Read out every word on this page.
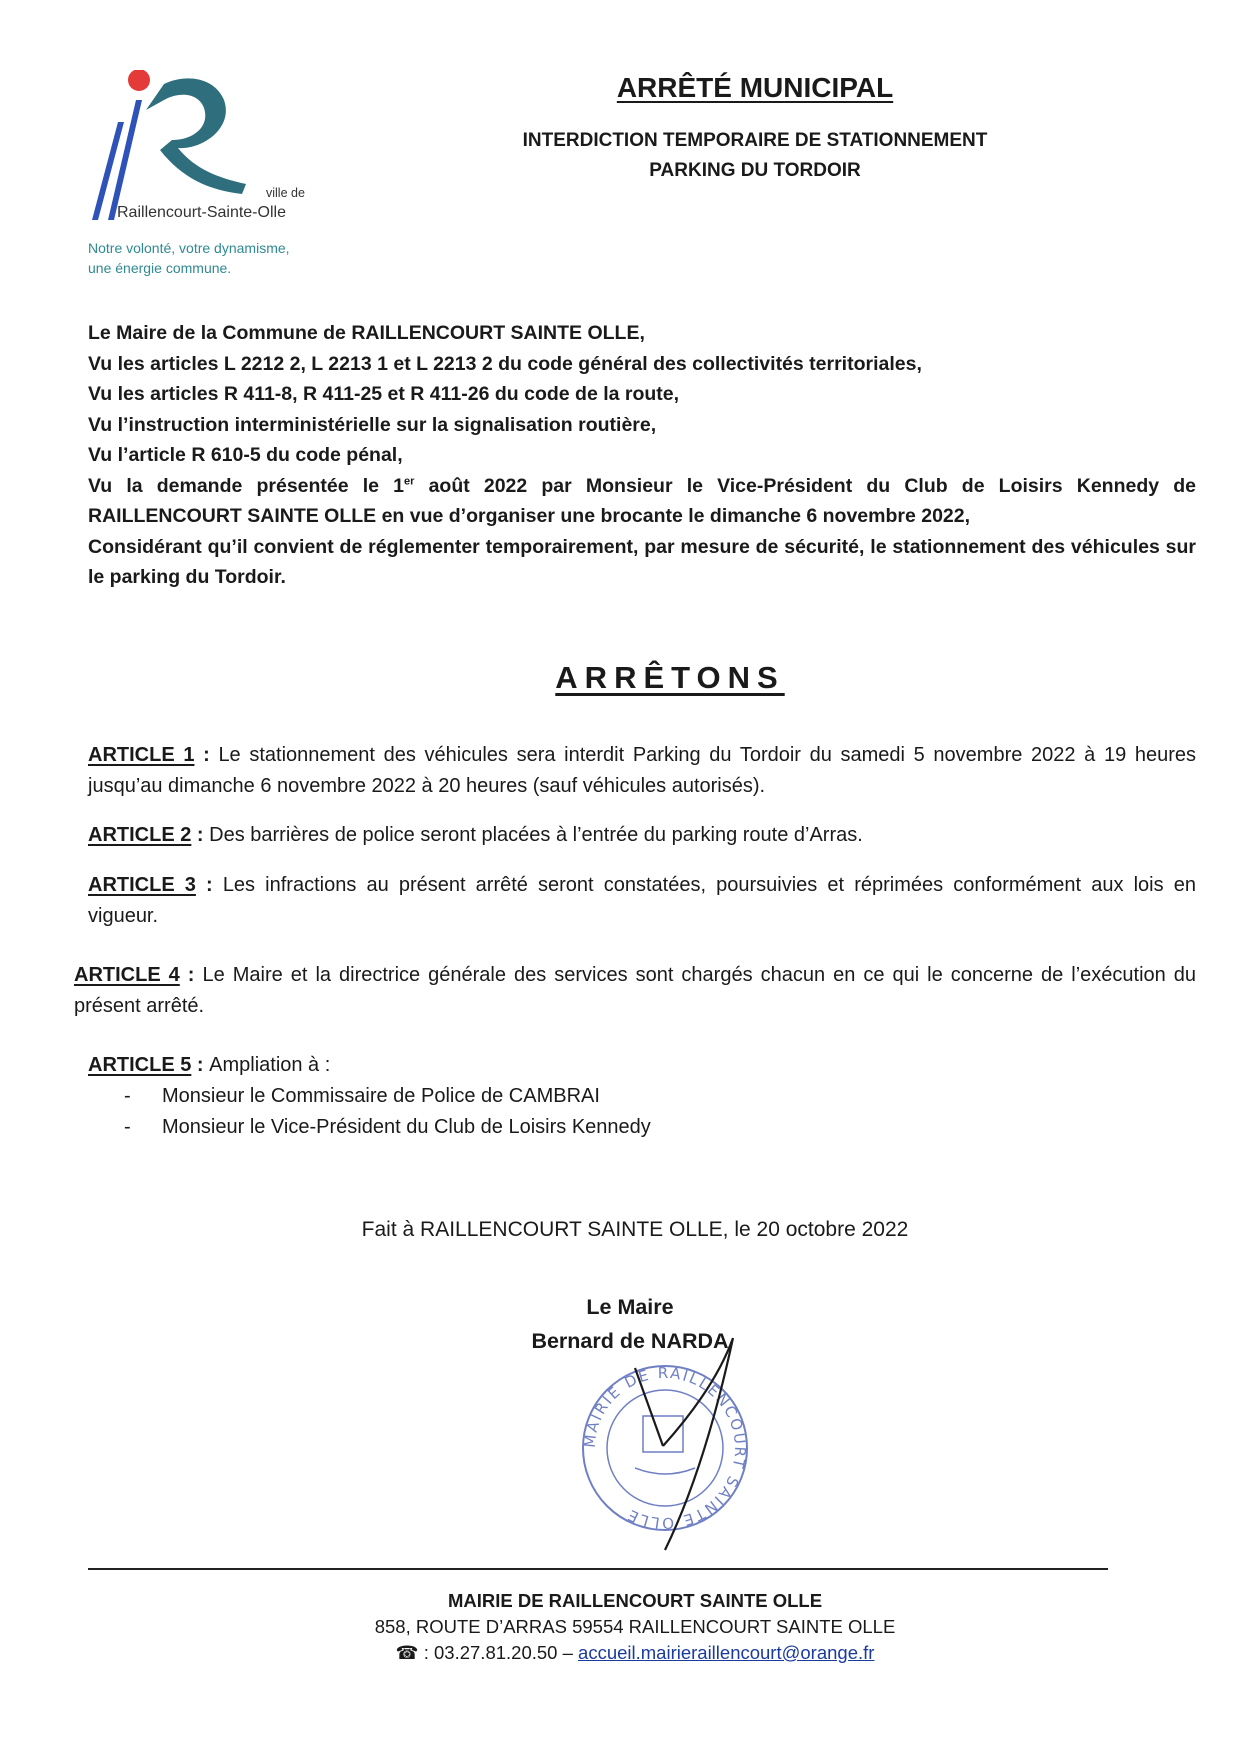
ville de
Raillencourt-Sainte-Olle
Notre volonté, votre dynamisme,
une énergie commune.
ARRÊTÉ MUNICIPAL
INTERDICTION TEMPORAIRE DE STATIONNEMENT
PARKING DU TORDOIR

Le Maire de la Commune de RAILLENCOURT SAINTE OLLE,

Vu les articles L 2212 2, L 2213 1 et L 2213 2 du code général des collectivités territoriales,

Vu les articles R 411-8, R 411-25 et R 411-26 du code de la route,

Vu l’instruction interministérielle sur la signalisation routière,

Vu l’article R 610-5 du code pénal,

Vu la demande présentée le 1er août 2022 par Monsieur le Vice-Président du Club de Loisirs Kennedy de RAILLENCOURT SAINTE OLLE en vue d’organiser une brocante le dimanche 6 novembre 2022,

Considérant qu’il convient de réglementer temporairement, par mesure de sécurité, le stationnement des véhicules sur le parking du Tordoir.

ARRÊTONS

ARTICLE 1 : Le stationnement des véhicules sera interdit Parking du Tordoir du samedi 5 novembre 2022 à 19 heures jusqu’au dimanche 6 novembre 2022 à 20 heures (sauf véhicules autorisés).

ARTICLE 2 : Des barrières de police seront placées à l’entrée du parking route d’Arras.

ARTICLE 3 : Les infractions au présent arrêté seront constatées, poursuivies et réprimées conformément aux lois en vigueur.

ARTICLE 4 : Le Maire et la directrice générale des services sont chargés chacun en ce qui le concerne de l’exécution du présent arrêté.

ARTICLE 5 : Ampliation à :

- Monsieur le Commissaire de Police de CAMBRAI
- Monsieur le Vice-Président du Club de Loisirs Kennedy
Fait à RAILLENCOURT SAINTE OLLE, le 20 octobre 2022
Le Maire
Bernard de NARDA
MAIRIE DE RAILLENCOURT SAINTE OLLE
MAIRIE DE RAILLENCOURT SAINTE OLLE
858, ROUTE D’ARRAS 59554 RAILLENCOURT SAINTE OLLE
☎ : 03.27.81.20.50 – accueil.mairieraillencourt@orange.fr
